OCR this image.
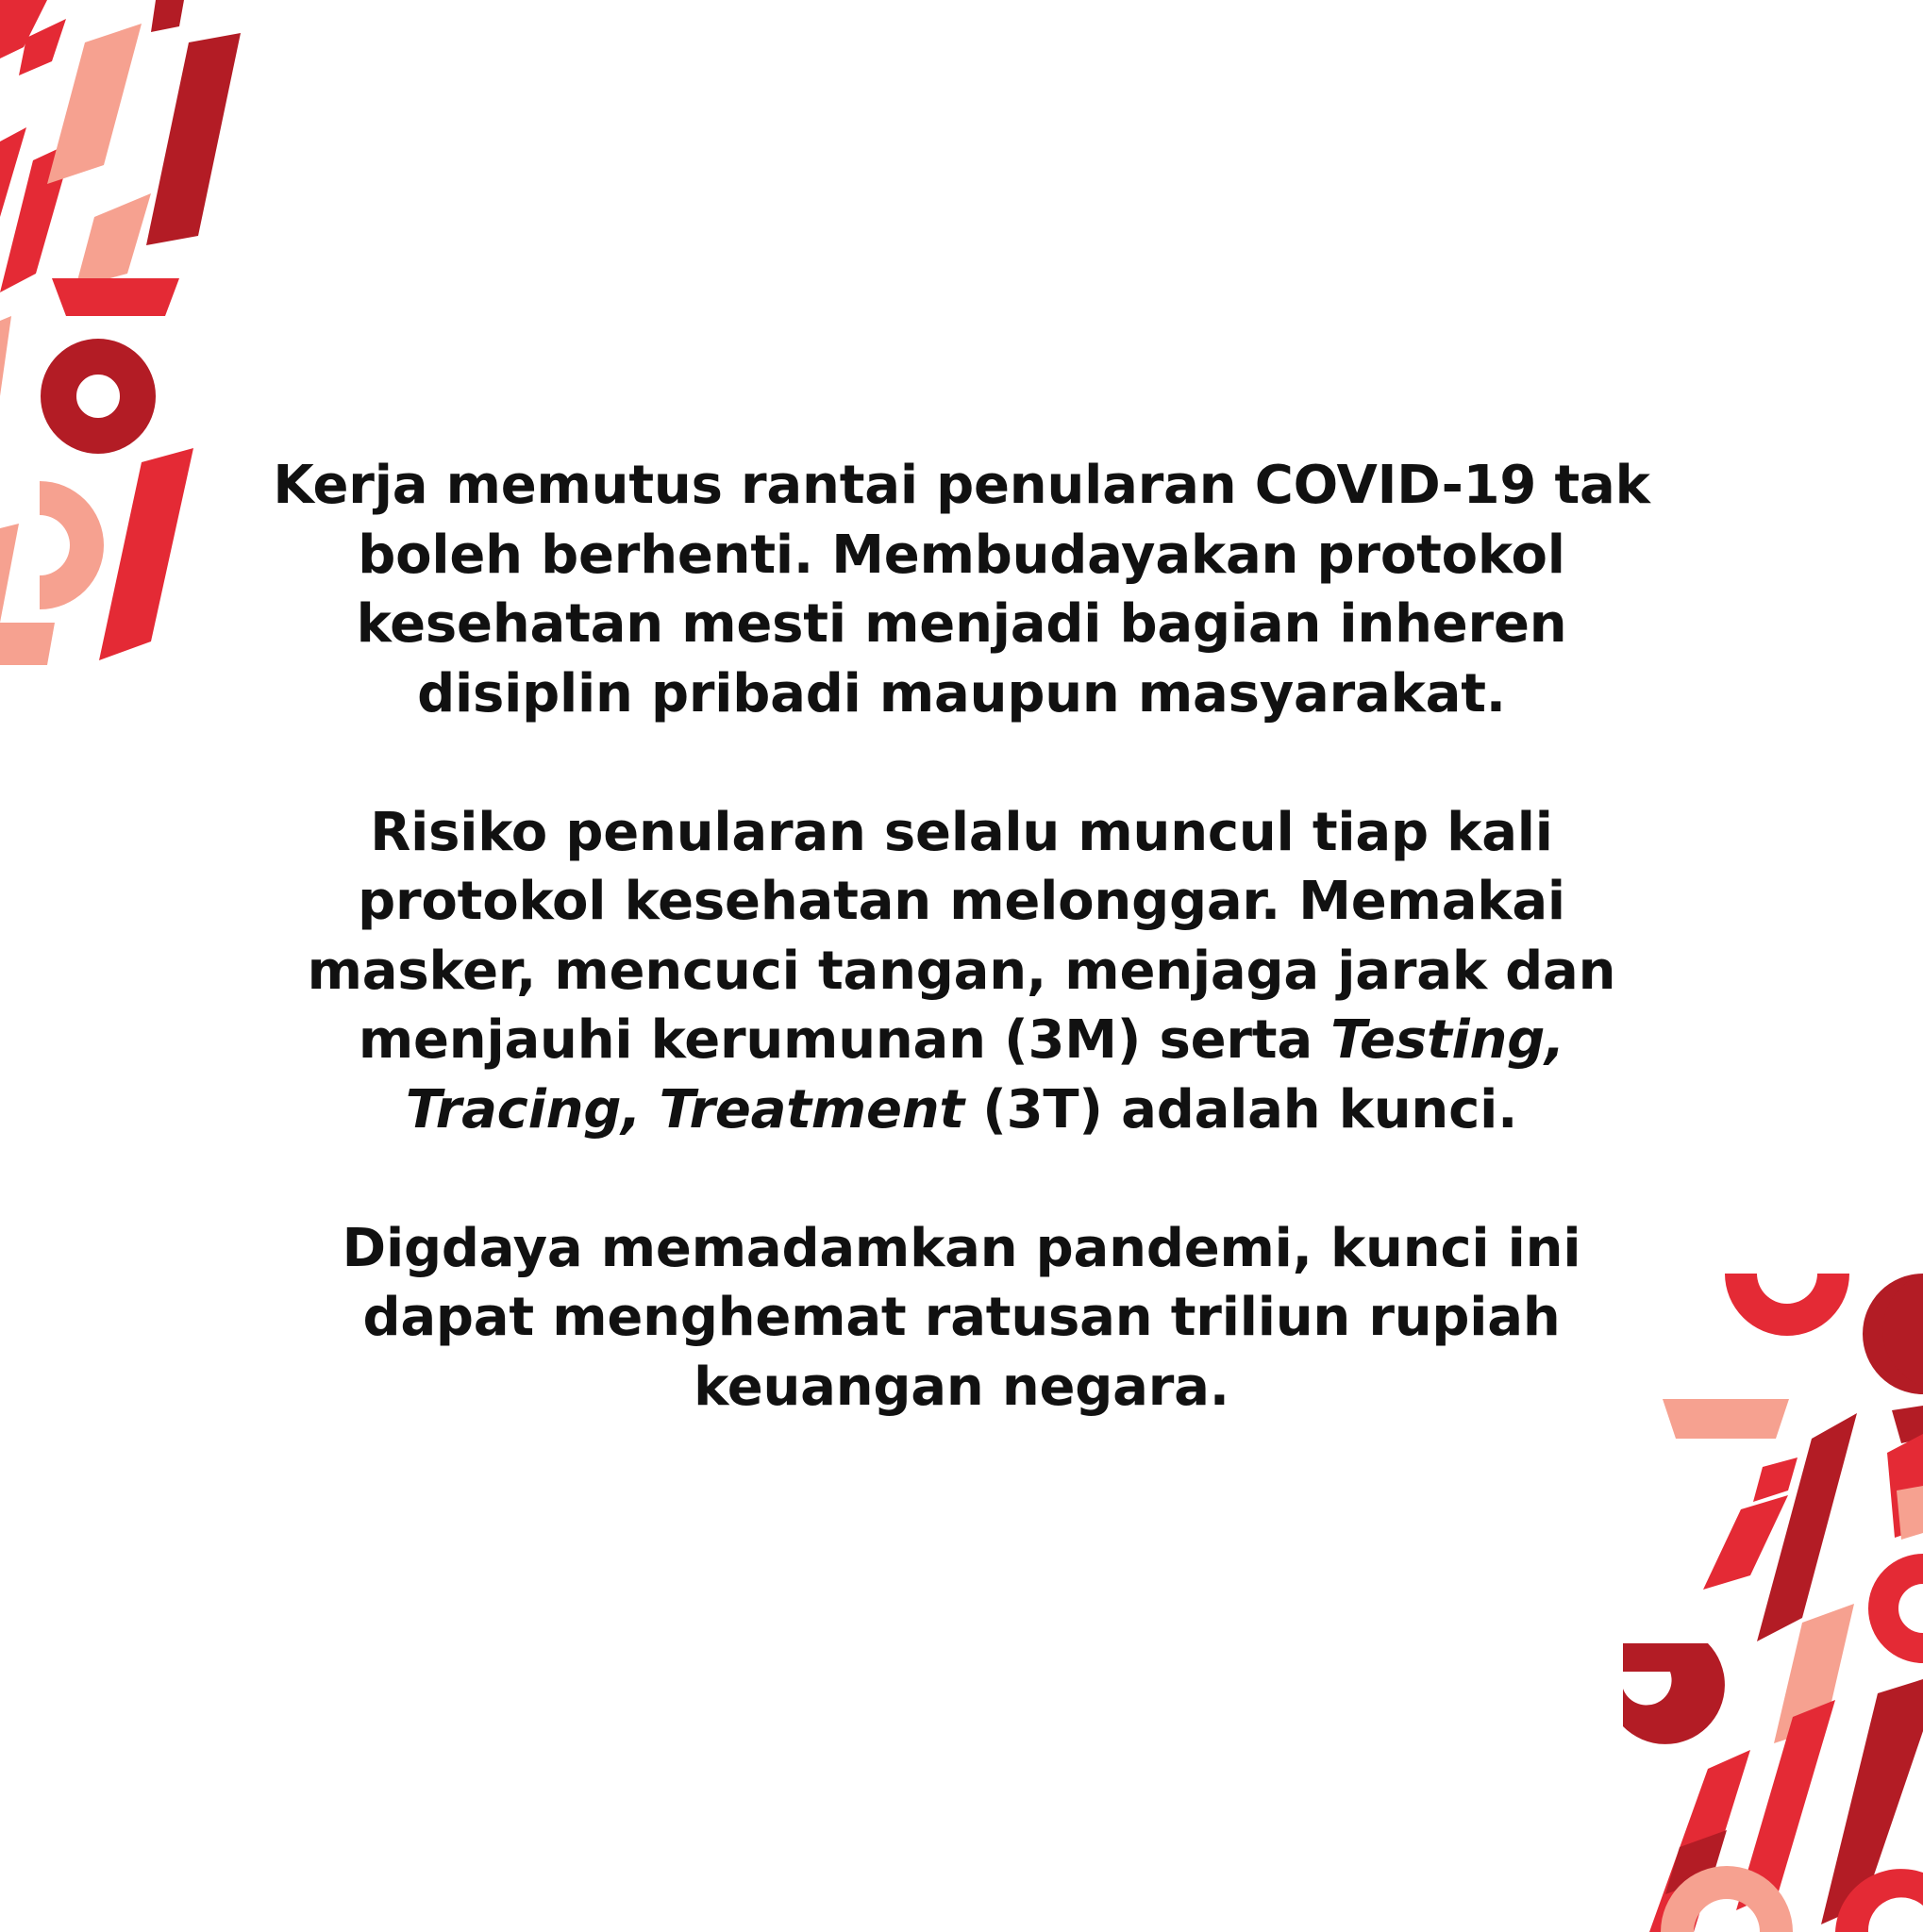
Kerja memutus rantai penularan COVID-19 tak
boleh berhenti. Membudayakan protokol
kesehatan mesti menjadi bagian inheren
disiplin pribadi maupun masyarakat.

Risiko penularan selalu muncul tiap kali
protokol kesehatan melonggar. Memakai
masker, mencuci tangan, menjaga jarak dan
menjauhi kerumunan (3M) serta Testing,
Tracing, Treatment (3T) adalah kunci.

Digdaya memadamkan pandemi, kunci ini
dapat menghemat ratusan triliun rupiah
keuangan negara.
